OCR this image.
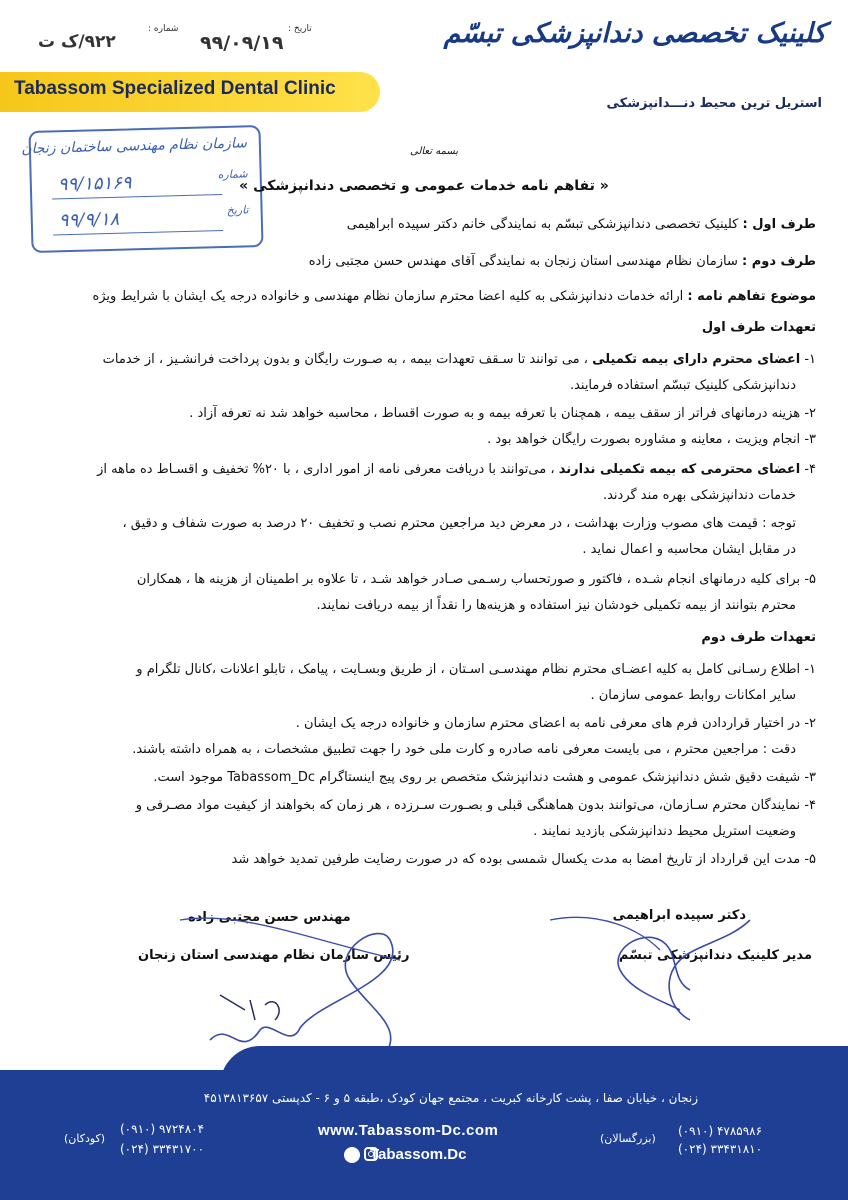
Tabassom Specialized Dental Clinic
شماره :
۹۲۲/ک ت
تاریخ :
۹۹/۰۹/۱۹	کلینیک تخصصی دندانپزشکی تبسّم
استریل ترین محیط دنـــدانپزشکی
سازمان نظام مهندسی ساختمان زنجان
شماره
۹۹/۱۵۱۶۹
تاریخ
۹۹/۹/۱۸
بسمه تعالی
« تفاهم نامه خدمات عمومی و تخصصی دندانپزشکی »
طرف اول : کلینیک تخصصی دندانپزشکی تبسّم به نمایندگی خانم دکتر سپیده ابراهیمی
طرف دوم : سازمان نظام مهندسی استان زنجان به نمایندگی آقای مهندس حسن مجتبی زاده
موضوع تفاهم نامه : ارائه خدمات دندانپزشکی به کلیه اعضا محترم سازمان نظام مهندسی و خانواده درجه یک ایشان با شرایط ویژه
تعهدات طرف اول
۱- اعضای محترم دارای بیمه تکمیلی ، می توانند تا سـقف تعهدات بیمه ، به صـورت رایگان و بدون پرداخت فرانشـیز ، از خدمات
دندانپزشکی کلینیک تبسّم استفاده فرمایند.
۲- هزینه درمانهای فراتر از سقف بیمه ، همچنان با تعرفه بیمه و به صورت اقساط ، محاسبه خواهد شد نه تعرفه آزاد .
۳- انجام ویزیت ، معاینه و مشاوره بصورت رایگان خواهد بود .
۴- اعضای محترمی که بیمه تکمیلی ندارند ، می‌توانند با دریافت معرفی نامه از امور اداری ، با ۲۰% تخفیف و اقسـاط ده ماهه از
خدمات دندانپزشکی بهره مند گردند.
توجه : قیمت های مصوب وزارت بهداشت ، در معرض دید مراجعین محترم نصب و تخفیف ۲۰ درصد به صورت شفاف و دقیق ،
در مقابل ایشان محاسبه و اعمال نماید .
۵- برای کلیه درمانهای انجام شـده ، فاکتور و صورتحساب رسـمی صـادر خواهد شـد ، تا علاوه بر اطمینان از هزینه ها ، همکاران
محترم بتوانند از بیمه تکمیلی خودشان نیز استفاده و هزینه‌ها را نقداً از بیمه دریافت نمایند.
تعهدات طرف دوم
۱- اطلاع رسـانی کامل به کلیه اعضـای محترم نظام مهندسـی اسـتان ، از طریق وبسـایت ، پیامک ، تابلو اعلانات ،کانال تلگرام و
سایر امکانات روابط عمومی سازمان .
۲- در اختیار قراردادن فرم های معرفی نامه به اعضای محترم سازمان و خانواده درجه یک ایشان .
دقت : مراجعین محترم ، می بایست معرفی نامه صادره و کارت ملی خود را جهت تطبیق مشخصات ، به همراه داشته باشند.
۳- شیفت دقیق شش دندانپزشک عمومی و هشت دندانپزشک متخصص بر روی پیج اینستاگرام Tabassom_Dc موجود است.
۴- نمایندگان محترم سـازمان، می‌توانند بدون هماهنگی قبلی و بصـورت سـرزده ، هر زمان که بخواهند از کیفیت مواد مصـرفی و
وضعیت استریل محیط دندانپزشکی بازدید نمایند .
۵- مدت این قرارداد از تاریخ امضا به مدت یکسال شمسی بوده که در صورت رضایت طرفین تمدید خواهد شد
دکتر سپیده ابراهیمی
مدیر کلینیک دندانپزشکی تبسّم
مهندس حسن مجتبی زاده
رئیس سازمان نظام مهندسی استان زنجان
زنجان ، خیابان صفا ، پشت کارخانه کبریت ، مجتمع جهان کودک ،طبقه ۵ و ۶ - کدپستی ۴۵۱۳۸۱۳۶۵۷
www.Tabassom-Dc.com
➤ Tabassom.Dc
(۰۹۱۰) ۹۷۲۴۸۰۴
(۰۲۴) ۳۳۴۳۱۷۰۰
(کودکان)
(۰۹۱۰) ۴۷۸۵۹۸۶
(۰۲۴) ۳۳۴۳۱۸۱۰
(بزرگسالان)
